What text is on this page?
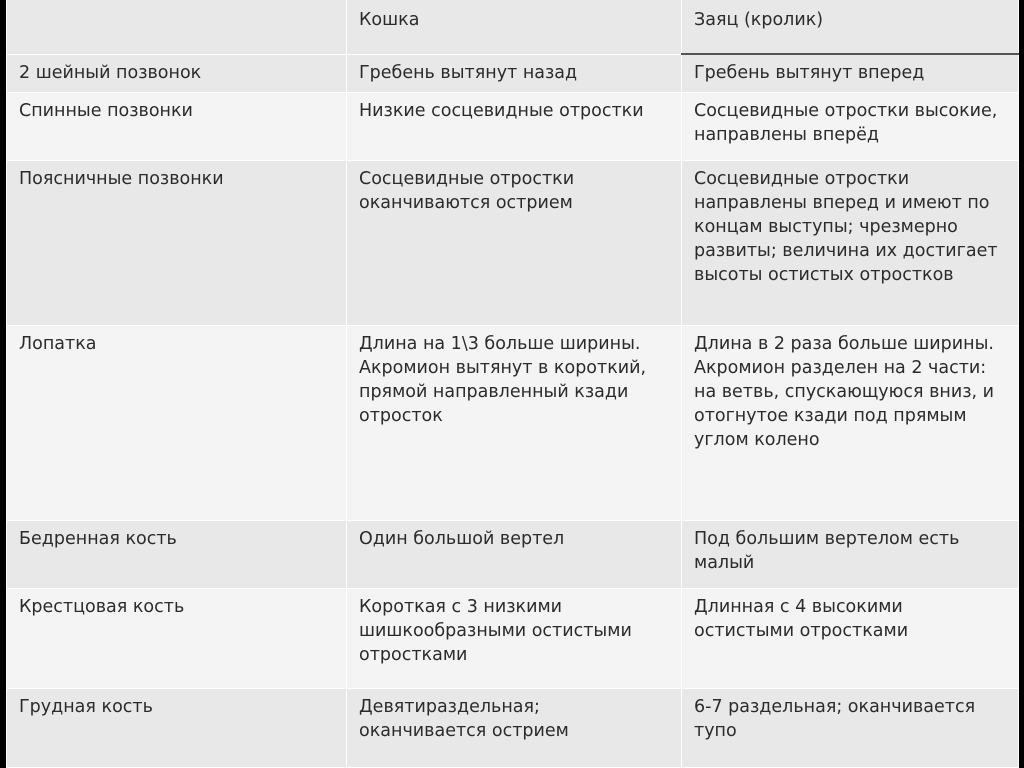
	Кошка	Заяц (кролик)
2 шейный позвонок	Гребень вытянут назад	Гребень вытянут вперед
Спинные позвонки	Низкие сосцевидные отростки	Сосцевидные отростки высокие, направлены вперёд
Поясничные позвонки	Сосцевидные отростки оканчиваются острием	Сосцевидные отростки направлены вперед и имеют по концам выступы; чрезмерно развиты; величина их достигает высоты остистых отростков
Лопатка	Длина на 1\3 больше ширины. Акромион вытянут в короткий, прямой направленный кзади отросток	Длина в 2 раза больше ширины. Акромион разделен на 2 части: на ветвь, спускающуюся вниз, и отогнутое кзади под прямым углом колено
Бедренная кость	Один большой вертел	Под большим вертелом есть малый
Крестцовая кость	Короткая с 3 низкими шишкообразными остистыми отростками	Длинная с 4 высокими остистыми отростками
Грудная кость	Девятираздельная; оканчивается острием	6-7 раздельная; оканчивается тупо
